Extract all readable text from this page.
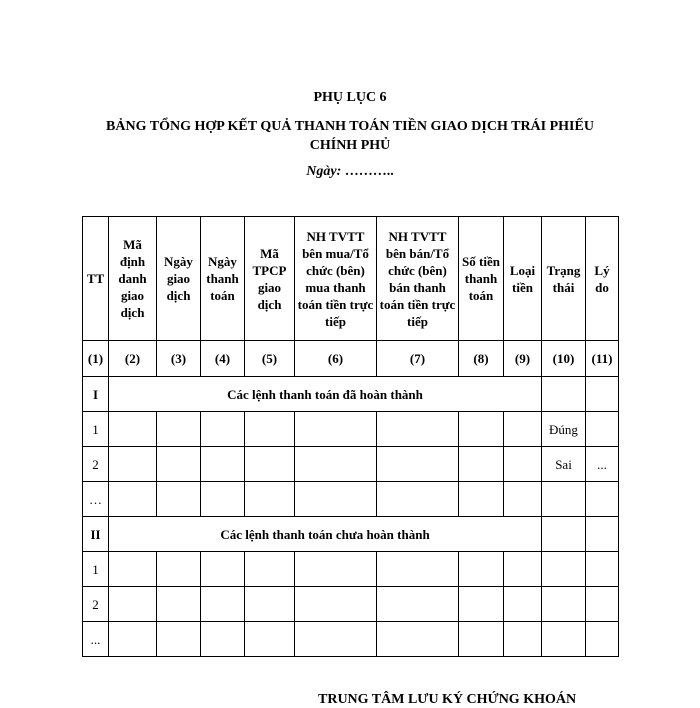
PHỤ LỤC 6
BẢNG TỔNG HỢP KẾT QUẢ THANH TOÁN TIỀN GIAO DỊCH TRÁI PHIẾU CHÍNH PHỦ
Ngày: ………..
TT	Mã định danh giao dịch	Ngày giao dịch	Ngày thanh toán	Mã TPCP giao dịch	NH TVTT bên mua/Tổ chức (bên) mua thanh toán tiền trực tiếp	NH TVTT bên bán/Tổ chức (bên) bán thanh toán tiền trực tiếp	Số tiền thanh toán	Loại tiền	Trạng thái	Lý do
(1)	(2)	(3)	(4)	(5)	(6)	(7)	(8)	(9)	(10)	(11)
I	Các lệnh thanh toán đã hoàn thành									
1									Đúng	
2									Sai	...
…										
II	Các lệnh thanh toán chưa hoàn thành									
1										
2										
...										
TRUNG TÂM LƯU KÝ CHỨNG KHOÁN
